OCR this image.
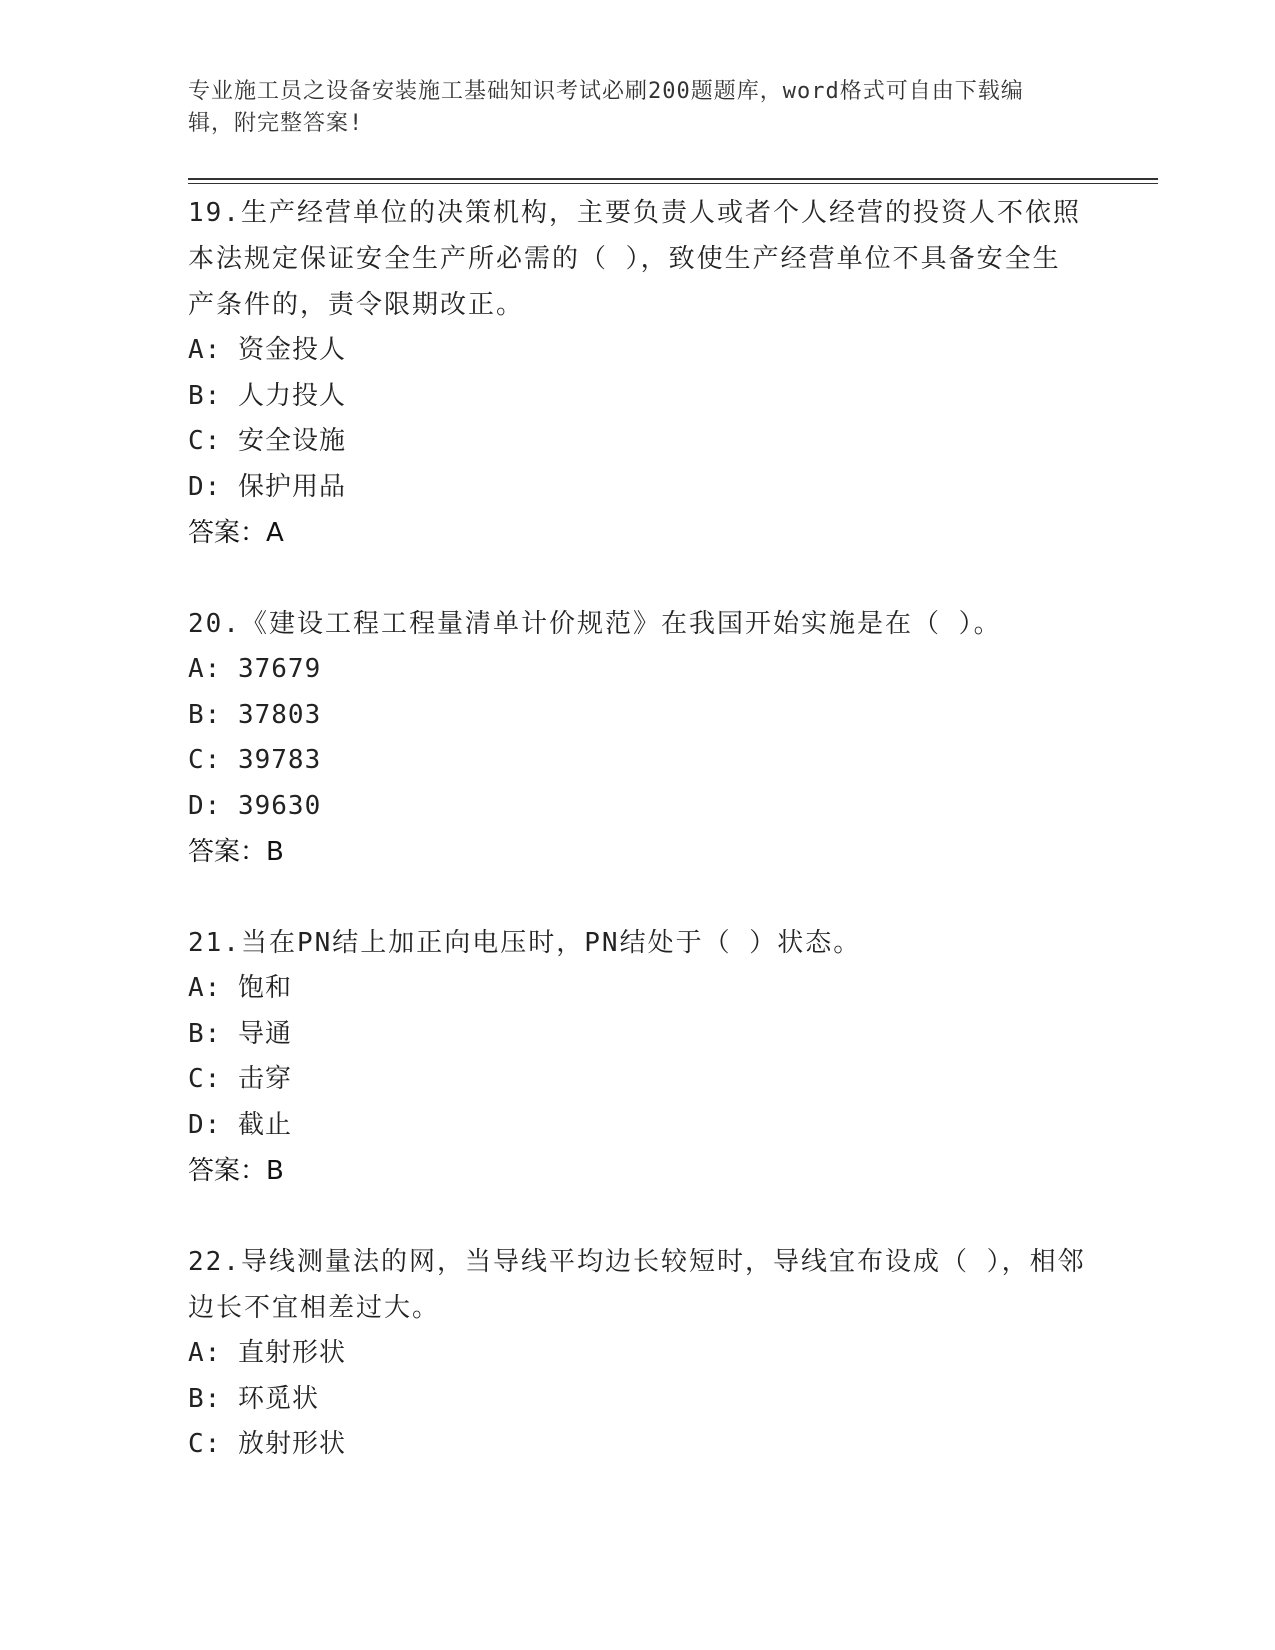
专业施工员之设备安装施工基础知识考试必刷200题题库，word格式可自由下载编辑，附完整答案!

19.生产经营单位的决策机构，主要负责人或者个人经营的投资人不依照本法规定保证安全生产所必需的（ ），致使生产经营单位不具备安全生产条件的，责令限期改正。

A: 资金投人

B: 人力投人

C: 安全设施

D: 保护用品

答案：A

20.《建设工程工程量清单计价规范》在我国开始实施是在（ ）。

A: 37679

B: 37803

C: 39783

D: 39630

答案：B

21.当在PN结上加正向电压时，PN结处于（ ）状态。

A: 饱和

B: 导通

C: 击穿

D: 截止

答案：B

22.导线测量法的网，当导线平均边长较短时，导线宜布设成（ ），相邻边长不宜相差过大。

A: 直射形状

B: 环觅状

C: 放射形状
